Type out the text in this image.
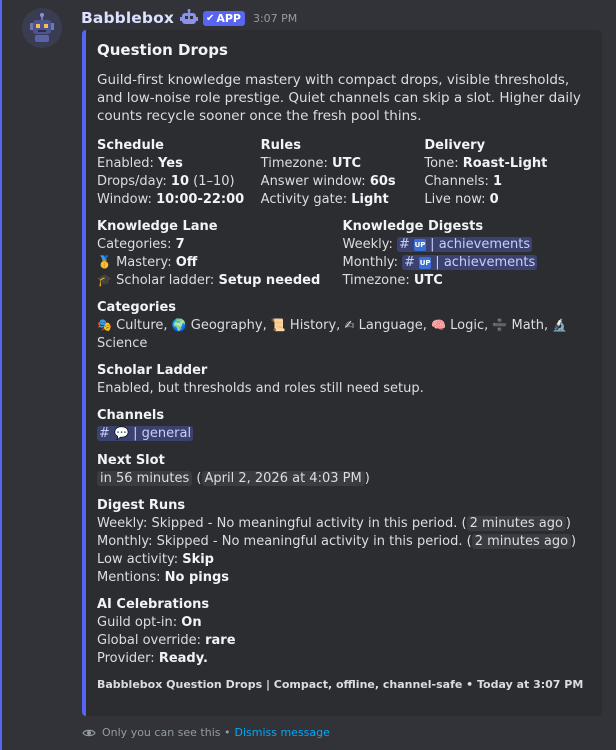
Babblebox	✔ APP 3:07 PM
Question Drops
Guild-first knowledge mastery with compact drops, visible thresholds, and low-noise role prestige. Quiet channels can skip a slot. Higher daily counts recycle sooner once the fresh pool thins.
Schedule
Enabled: Yes
Drops/day: 10 (1–10)
Window: 10:00-22:00
Rules
Timezone: UTC
Answer window: 60s
Activity gate: Light
Delivery
Tone: Roast-Light
Channels: 1
Live now: 0
Knowledge Lane
Categories: 7
🥇 Mastery: Off
🎓 Scholar ladder: Setup needed
Knowledge Digests
Weekly: # UP | achievements
Monthly: # UP | achievements
Timezone: UTC
Categories
🎭 Culture, 🌍 Geography, 📜 History, ✍ Language, 🧠 Logic, ➗ Math, 🔬 Science
Scholar Ladder
Enabled, but thresholds and roles still need setup.
Channels
# 💬 | general
Next Slot
in 56 minutes ( April 2, 2026 at 4:03 PM )
Digest Runs
Weekly: Skipped - No meaningful activity in this period. ( 2 minutes ago )
Monthly: Skipped - No meaningful activity in this period. ( 2 minutes ago )
Low activity: Skip
Mentions: No pings
AI Celebrations
Guild opt-in: On
Global override: rare
Provider: Ready.
Babblebox Question Drops | Compact, offline, channel-safe • Today at 3:07 PM
Only you can see this • Dismiss message
